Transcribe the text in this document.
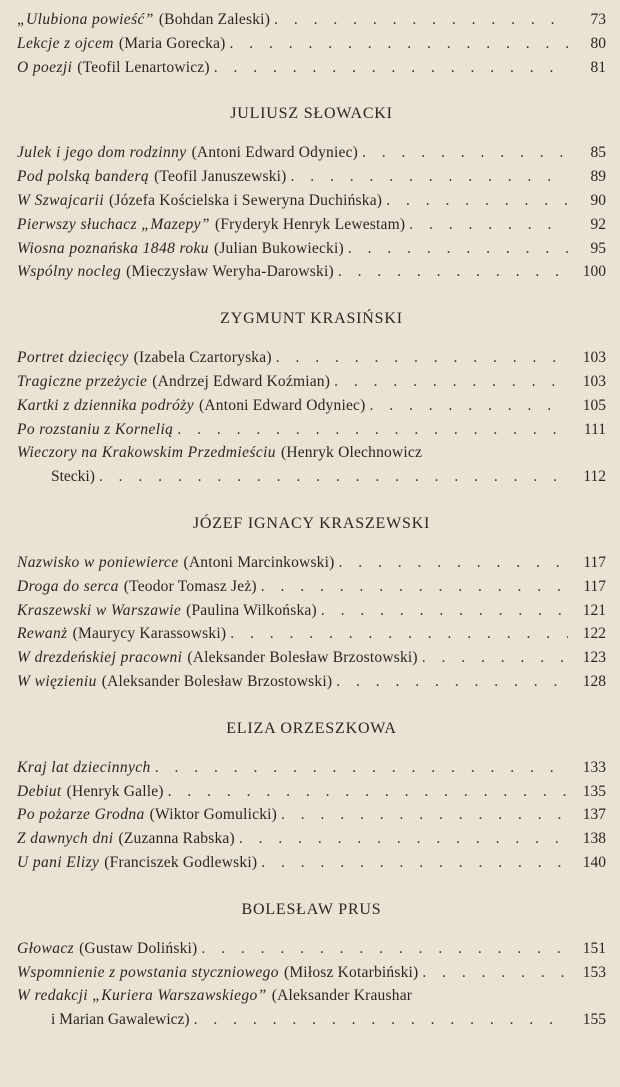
„Ulubiona powieść” (Bohdan Zaleski) . . .	73
Lekcje z ojcem (Maria Gorecka) . . .	80
O poezji (Teofil Lenartowicz) . . .	81
JULIUSZ SŁOWACKI
Julek i jego dom rodzinny (Antoni Edward Odyniec) . . .	85
Pod polską banderą (Teofil Januszewski) . . .	89
W Szwajcarii (Józefa Kościelska i Seweryna Duchińska) . . .	90
Pierwszy słuchacz „Mazepy” (Fryderyk Henryk Lewestam) . . .	92
Wiosna poznańska 1848 roku (Julian Bukowiecki) . . .	95
Wspólny nocleg (Mieczysław Weryha-Darowski) . . .	100
ZYGMUNT KRASIŃSKI
Portret dziecięcy (Izabela Czartoryska) . . .	103
Tragiczne przeżycie (Andrzej Edward Koźmian) . . .	103
Kartki z dziennika podróży (Antoni Edward Odyniec) . . .	105
Po rozstaniu z Kornelią . . .	111
Wieczory na Krakowskim Przedmieściu (Henryk Olechnowicz
Stecki) . . .	112
JÓZEF IGNACY KRASZEWSKI
Nazwisko w poniewierce (Antoni Marcinkowski) . . .	117
Droga do serca (Teodor Tomasz Jeż) . . .	117
Kraszewski w Warszawie (Paulina Wilkońska) . . .	121
Rewanż (Maurycy Karassowski) . . .	122
W drezdeńskiej pracowni (Aleksander Bolesław Brzostowski) . . .	123
W więzieniu (Aleksander Bolesław Brzostowski) . . .	128
ELIZA ORZESZKOWA
Kraj lat dziecinnych . . .	133
Debiut (Henryk Galle) . . .	135
Po pożarze Grodna (Wiktor Gomulicki) . . .	137
Z dawnych dni (Zuzanna Rabska) . . .	138
U pani Elizy (Franciszek Godlewski) . . .	140
BOLESŁAW PRUS
Głowacz (Gustaw Doliński) . . .	151
Wspomnienie z powstania styczniowego (Miłosz Kotarbiński) . . .	153
W redakcji „Kuriera Warszawskiego” (Aleksander Kraushar
i Marian Gawalewicz) . . .	155
